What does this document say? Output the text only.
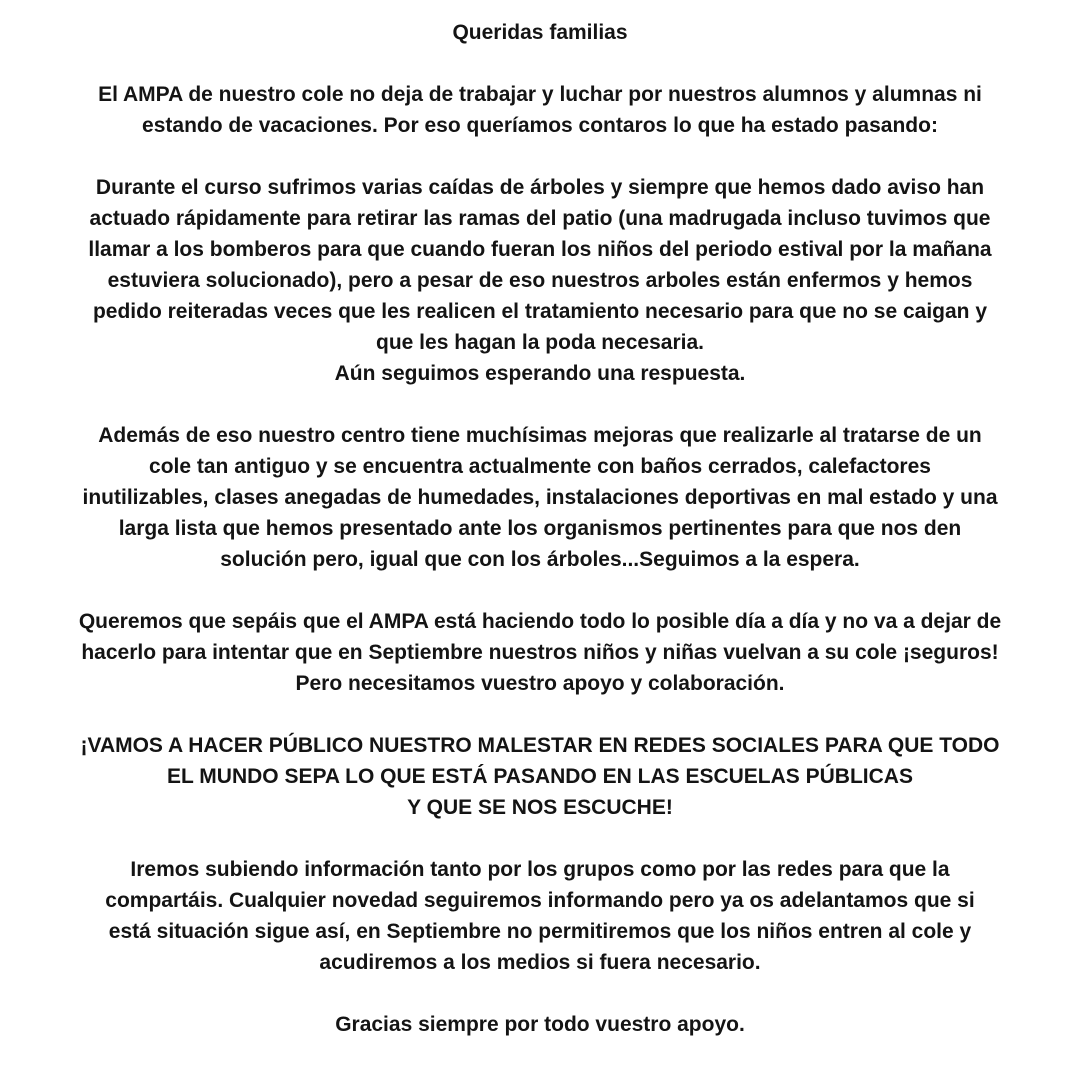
Queridas familias

El AMPA de nuestro cole no deja de trabajar y luchar por nuestros alumnos y alumnas ni
estando de vacaciones. Por eso queríamos contaros lo que ha estado pasando:

Durante el curso sufrimos varias caídas de árboles y siempre que hemos dado aviso han
actuado rápidamente para retirar las ramas del patio (una madrugada incluso tuvimos que
llamar a los bomberos para que cuando fueran los niños del periodo estival por la mañana
estuviera solucionado), pero a pesar de eso nuestros arboles están enfermos y hemos
pedido reiteradas veces que les realicen el tratamiento necesario para que no se caigan y
que les hagan la poda necesaria.
Aún seguimos esperando una respuesta.

Además de eso nuestro centro tiene muchísimas mejoras que realizarle al tratarse de un
cole tan antiguo y se encuentra actualmente con baños cerrados, calefactores
inutilizables, clases anegadas de humedades, instalaciones deportivas en mal estado y una
larga lista que hemos presentado ante los organismos pertinentes para que nos den
solución pero, igual que con los árboles...Seguimos a la espera.

Queremos que sepáis que el AMPA está haciendo todo lo posible día a día y no va a dejar de
hacerlo para intentar que en Septiembre nuestros niños y niñas vuelvan a su cole ¡seguros!
Pero necesitamos vuestro apoyo y colaboración.

¡VAMOS A HACER PÚBLICO NUESTRO MALESTAR EN REDES SOCIALES PARA QUE TODO
EL MUNDO SEPA LO QUE ESTÁ PASANDO EN LAS ESCUELAS PÚBLICAS
Y QUE SE NOS ESCUCHE!

Iremos subiendo información tanto por los grupos como por las redes para que la
compartáis. Cualquier novedad seguiremos informando pero ya os adelantamos que si
está situación sigue así, en Septiembre no permitiremos que los niños entren al cole y
acudiremos a los medios si fuera necesario.

Gracias siempre por todo vuestro apoyo.
